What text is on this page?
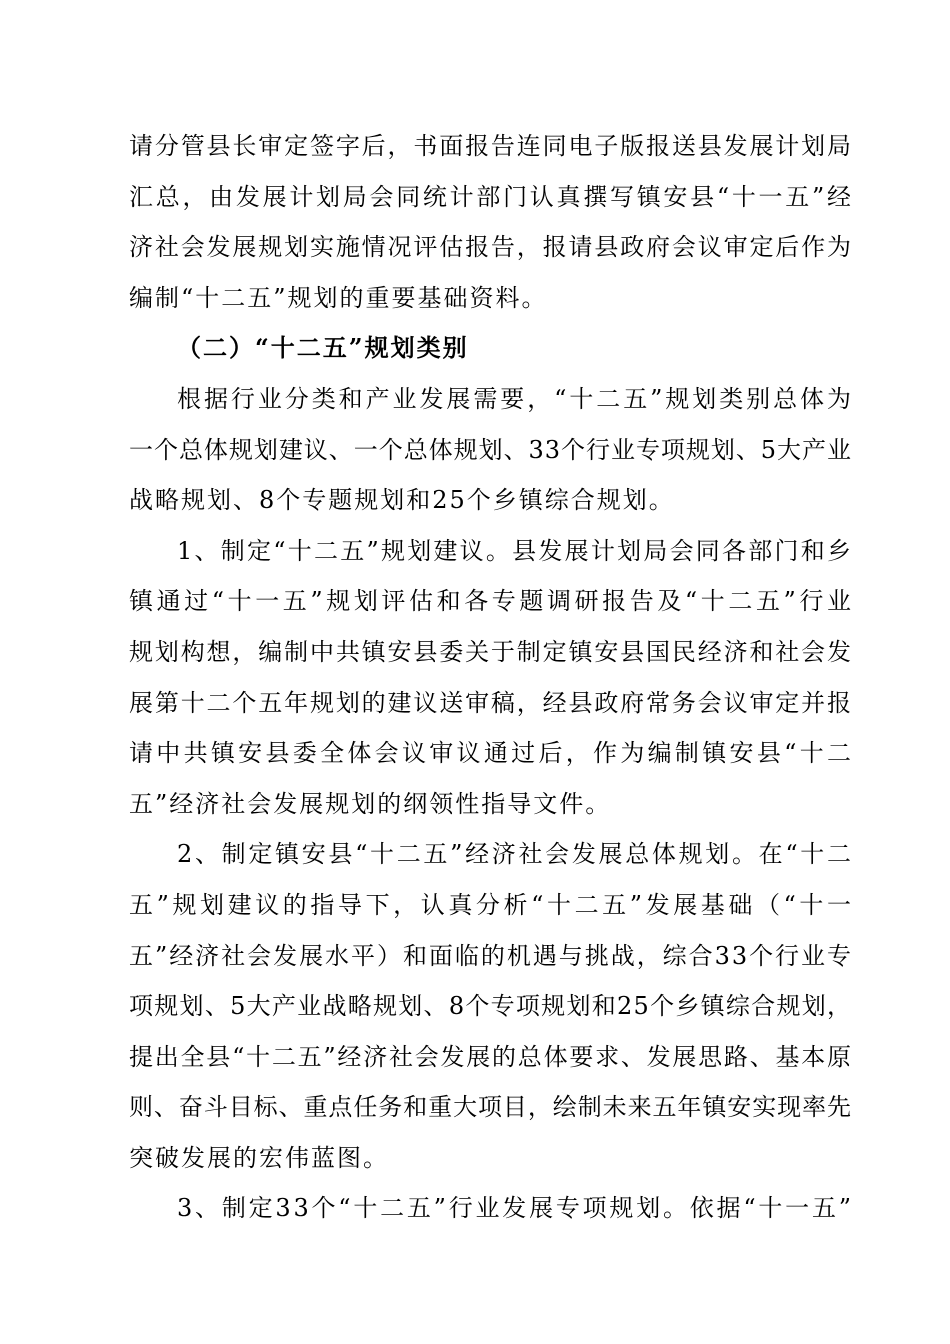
请分管县长审定签字后，书面报告连同电子版报送县发展计划局
汇总，由发展计划局会同统计部门认真撰写镇安县“十一五”经
济社会发展规划实施情况评估报告，报请县政府会议审定后作为
编制“十二五”规划的重要基础资料。

（二）“十二五”规划类别

根据行业分类和产业发展需要，“十二五”规划类别总体为
一个总体规划建议、一个总体规划、33个行业专项规划、5大产业
战略规划、8个专题规划和25个乡镇综合规划。

1、制定“十二五”规划建议。县发展计划局会同各部门和乡
镇通过“十一五”规划评估和各专题调研报告及“十二五”行业
规划构想，编制中共镇安县委关于制定镇安县国民经济和社会发
展第十二个五年规划的建议送审稿，经县政府常务会议审定并报
请中共镇安县委全体会议审议通过后，作为编制镇安县“十二
五”经济社会发展规划的纲领性指导文件。

2、制定镇安县“十二五”经济社会发展总体规划。在“十二
五”规划建议的指导下，认真分析“十二五”发展基础（“十一
五”经济社会发展水平）和面临的机遇与挑战，综合33个行业专
项规划、5大产业战略规划、8个专项规划和25个乡镇综合规划，
提出全县“十二五”经济社会发展的总体要求、发展思路、基本原
则、奋斗目标、重点任务和重大项目，绘制未来五年镇安实现率先
突破发展的宏伟蓝图。

3、制定33个“十二五”行业发展专项规划。依据“十一五”
